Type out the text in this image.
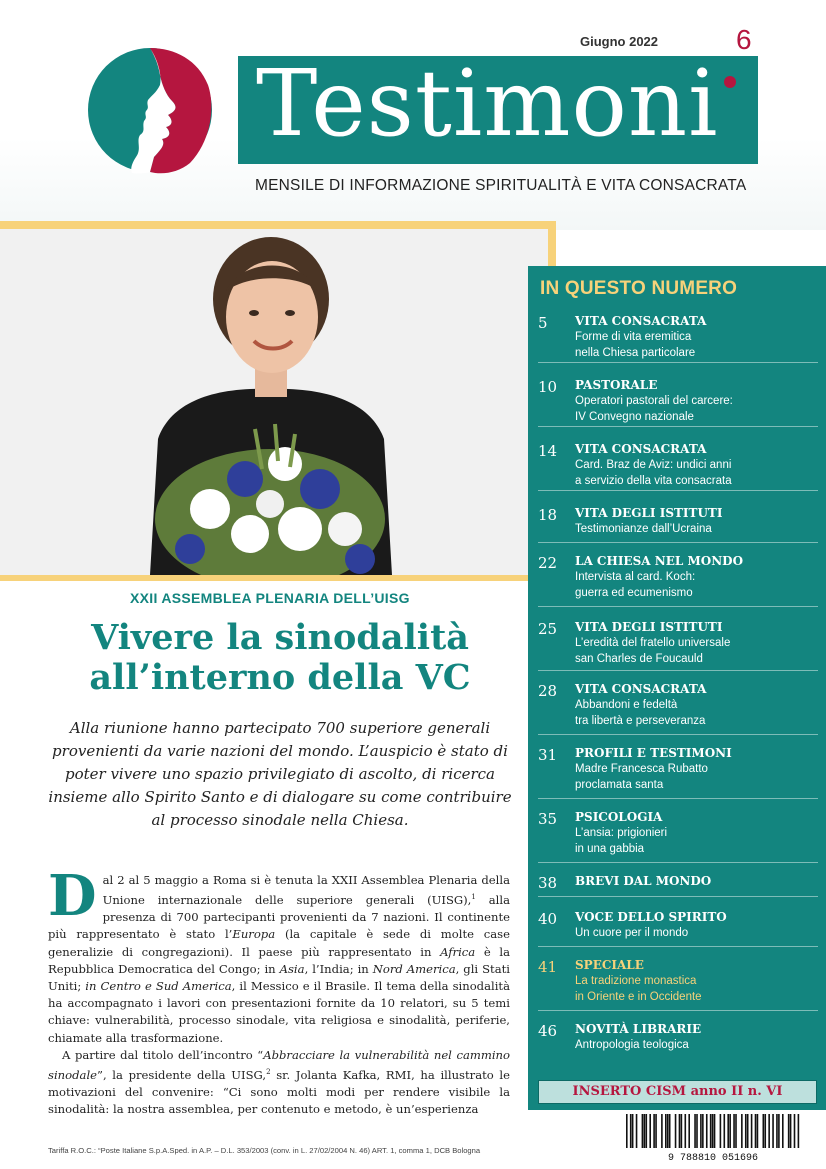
Giugno 2022	6
Testimoni
MENSILE DI INFORMAZIONE SPIRITUALITÀ E VITA CONSACRATA
XXII ASSEMBLEA PLENARIA DELL’UISG
Vivere la sinodalità
all’interno della VC
Alla riunione hanno partecipato 700 superiore generali provenienti da varie nazioni del mondo. L’auspicio è stato di poter vivere uno spazio privilegiato di ascolto, di ricerca insieme allo Spirito Santo e di dialogare su come contribuire al processo sinodale nella Chiesa.

Dal 2 al 5 maggio a Roma si è tenuta la XXII Assemblea Plenaria della Unione internazionale delle superiore generali (UISG),$^1$ alla presenza di 700 partecipanti provenienti da 7 nazioni. Il continente più rappresentato è stato l’Europa (la capitale è sede di molte case generalizie di congregazioni). Il paese più rappresentato in Africa è la Repubblica Democratica del Congo; in Asia, l’India; in Nord America, gli Stati Uniti; in Centro e Sud America, il Messico e il Brasile. Il tema della sinodalità ha accompagnato i lavori con presentazioni fornite da 10 relatori, su 5 temi chiave: vulnerabilità, processo sinodale, vita religiosa e sinodalità, periferie, chiamate alla trasformazione.

A partire dal titolo dell’incontro “Abbracciare la vulnerabilità nel cammino sinodale”, la presidente della UISG,$^2$ sr. Jolanta Kafka, RMI, ha illustrato le motivazioni del convenire: “Ci sono molti modi per rendere visibile la sinodalità: la nostra assemblea, per contenuto e metodo, è un’esperienza

IN QUESTO NUMERO
5	VITA CONSACRATA
Forme di vita eremitica
nella Chiesa particolare
10	PASTORALE
Operatori pastorali del carcere:
IV Convegno nazionale
14	VITA CONSACRATA
Card. Braz de Aviz: undici anni
a servizio della vita consacrata
18	VITA DEGLI ISTITUTI
Testimonianze dall’Ucraina
22	LA CHIESA NEL MONDO
Intervista al card. Koch:
guerra ed ecumenismo
25	VITA DEGLI ISTITUTI
L’eredità del fratello universale
san Charles de Foucauld
28	VITA CONSACRATA
Abbandoni e fedeltà
tra libertà e perseveranza
31	PROFILI E TESTIMONI
Madre Francesca Rubatto
proclamata santa
35	PSICOLOGIA
L’ansia: prigionieri
in una gabbia
38	BREVI DAL MONDO
40	VOCE DELLO SPIRITO
Un cuore per il mondo
41	SPECIALE
La tradizione monastica
in Oriente e in Occidente
46	NOVITÀ LIBRARIE
Antropologia teologica
INSERTO CISM anno II n. VI
Tariffa R.O.C.: “Poste Italiane S.p.A.Sped. in A.P. – D.L. 353/2003 (conv. in L. 27/02/2004 N. 46) ART. 1, comma 1, DCB Bologna
9 788810 051696
